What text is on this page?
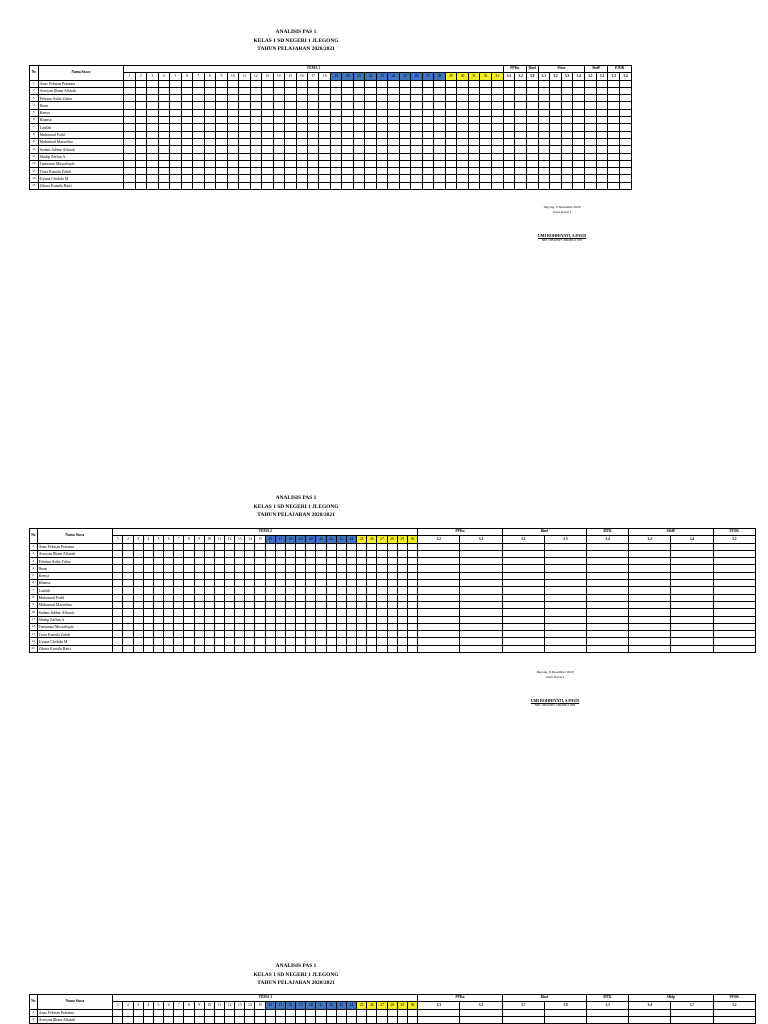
ANALISIS PAS 1
KELAS 1 SD NEGERI 1 JLEGONG
TAHUN PELAJARAN 2020/2021
No	Nama Siswa	TEMA 1																																	PPKn		Bind	Mate				SbdP		PJOK	
		1	2	3	4	5	6	7	8	9	10	11	12	13	14	15	16	17	18	19	20	21	22	23	24	25	26	27	28	29	30	31	32	33	3.1	3.2	3.9	3.1	3.2	3.3	3.4	3.1	3.2	3.3	3.4
1	Anas Febrian Pratama																																												
2	Arroyan Ilham Alfatah																																												
3	Febrina Aulia Zahra																																												
4	Ibran																																												
5	Kenya																																												
6	Khansa																																												
7	Latifah																																												
8	Muhamad Fadil																																												
9	Muhamad Marselino																																												
10	Sadam Jabbar Alfarok																																												
11	Shidqi Zaffan A																																												
12	Tantsania Muwafiqoh																																												
13	Tiara Kamila Zuhdi																																												
14	Uyuna Cholida M																																												
15	Zihara Kamila Ratri																																												
Jlegong, 8 Desember 2020
Guru Kelas I
UMI ROHHIYATI, S.PAUD
NIP 19810307 200486 2 005
ANALISIS PAS 1
KELAS 1 SD NEGERI 1 JLEGONG
TAHUN PELAJARAN 2020/2021
No	Nama Siswa	TEMA 2																														PPKn		Bind		MTK	SBdP		PJOK
		1	2	3	4	5	6	7	8	9	10	11	12	13	14	15	16	17	18	19	20	21	22	23	24	25	26	27	28	29	30	3.2	3.3	3.2	3.3	3.4	3.2	3.4	3.2
1	Anas Febrian Pratama																																						
2	Arroyan Ilham Alfatah																																						
3	Febrina Aulia Zahra																																						
4	Ibran																																						
5	Kenya																																						
6	Khansa																																						
7	Latifah																																						
8	Muhamad Fadil																																						
9	Muhamad Marselino																																						
10	Sadam Jabbar Alfarok																																						
11	Shidqi Zaffan A																																						
12	Tantsania Muwafiqoh																																						
13	Tiara Kamila Zuhdi																																						
14	Uyuna Cholida M																																						
15	Zihara Kamila Ratri																																						
Jlegong, 8 Desember 2020
Guru Kelas I
UMI ROHHIYATI, S.PAUD
NIP 19810307 200486 2 005
ANALISIS PAS 1
KELAS 1 SD NEGERI 1 JLEGONG
TAHUN PELAJARAN 2020/2021
No	Nama Siswa	TEMA 3																														PPKn		Bind		MTK	SBdp		PJOK
		1	2	3	4	5	6	7	8	9	10	11	12	13	14	15	16	17	18	19	20	21	22	23	24	25	26	27	28	29	30	3.3	3.2	3.7	3.8	3.3	3.4	3.7	3.2
1	Anas Febrian Pratama																																						
2	Arroyan Ilham Alfatah																																						
